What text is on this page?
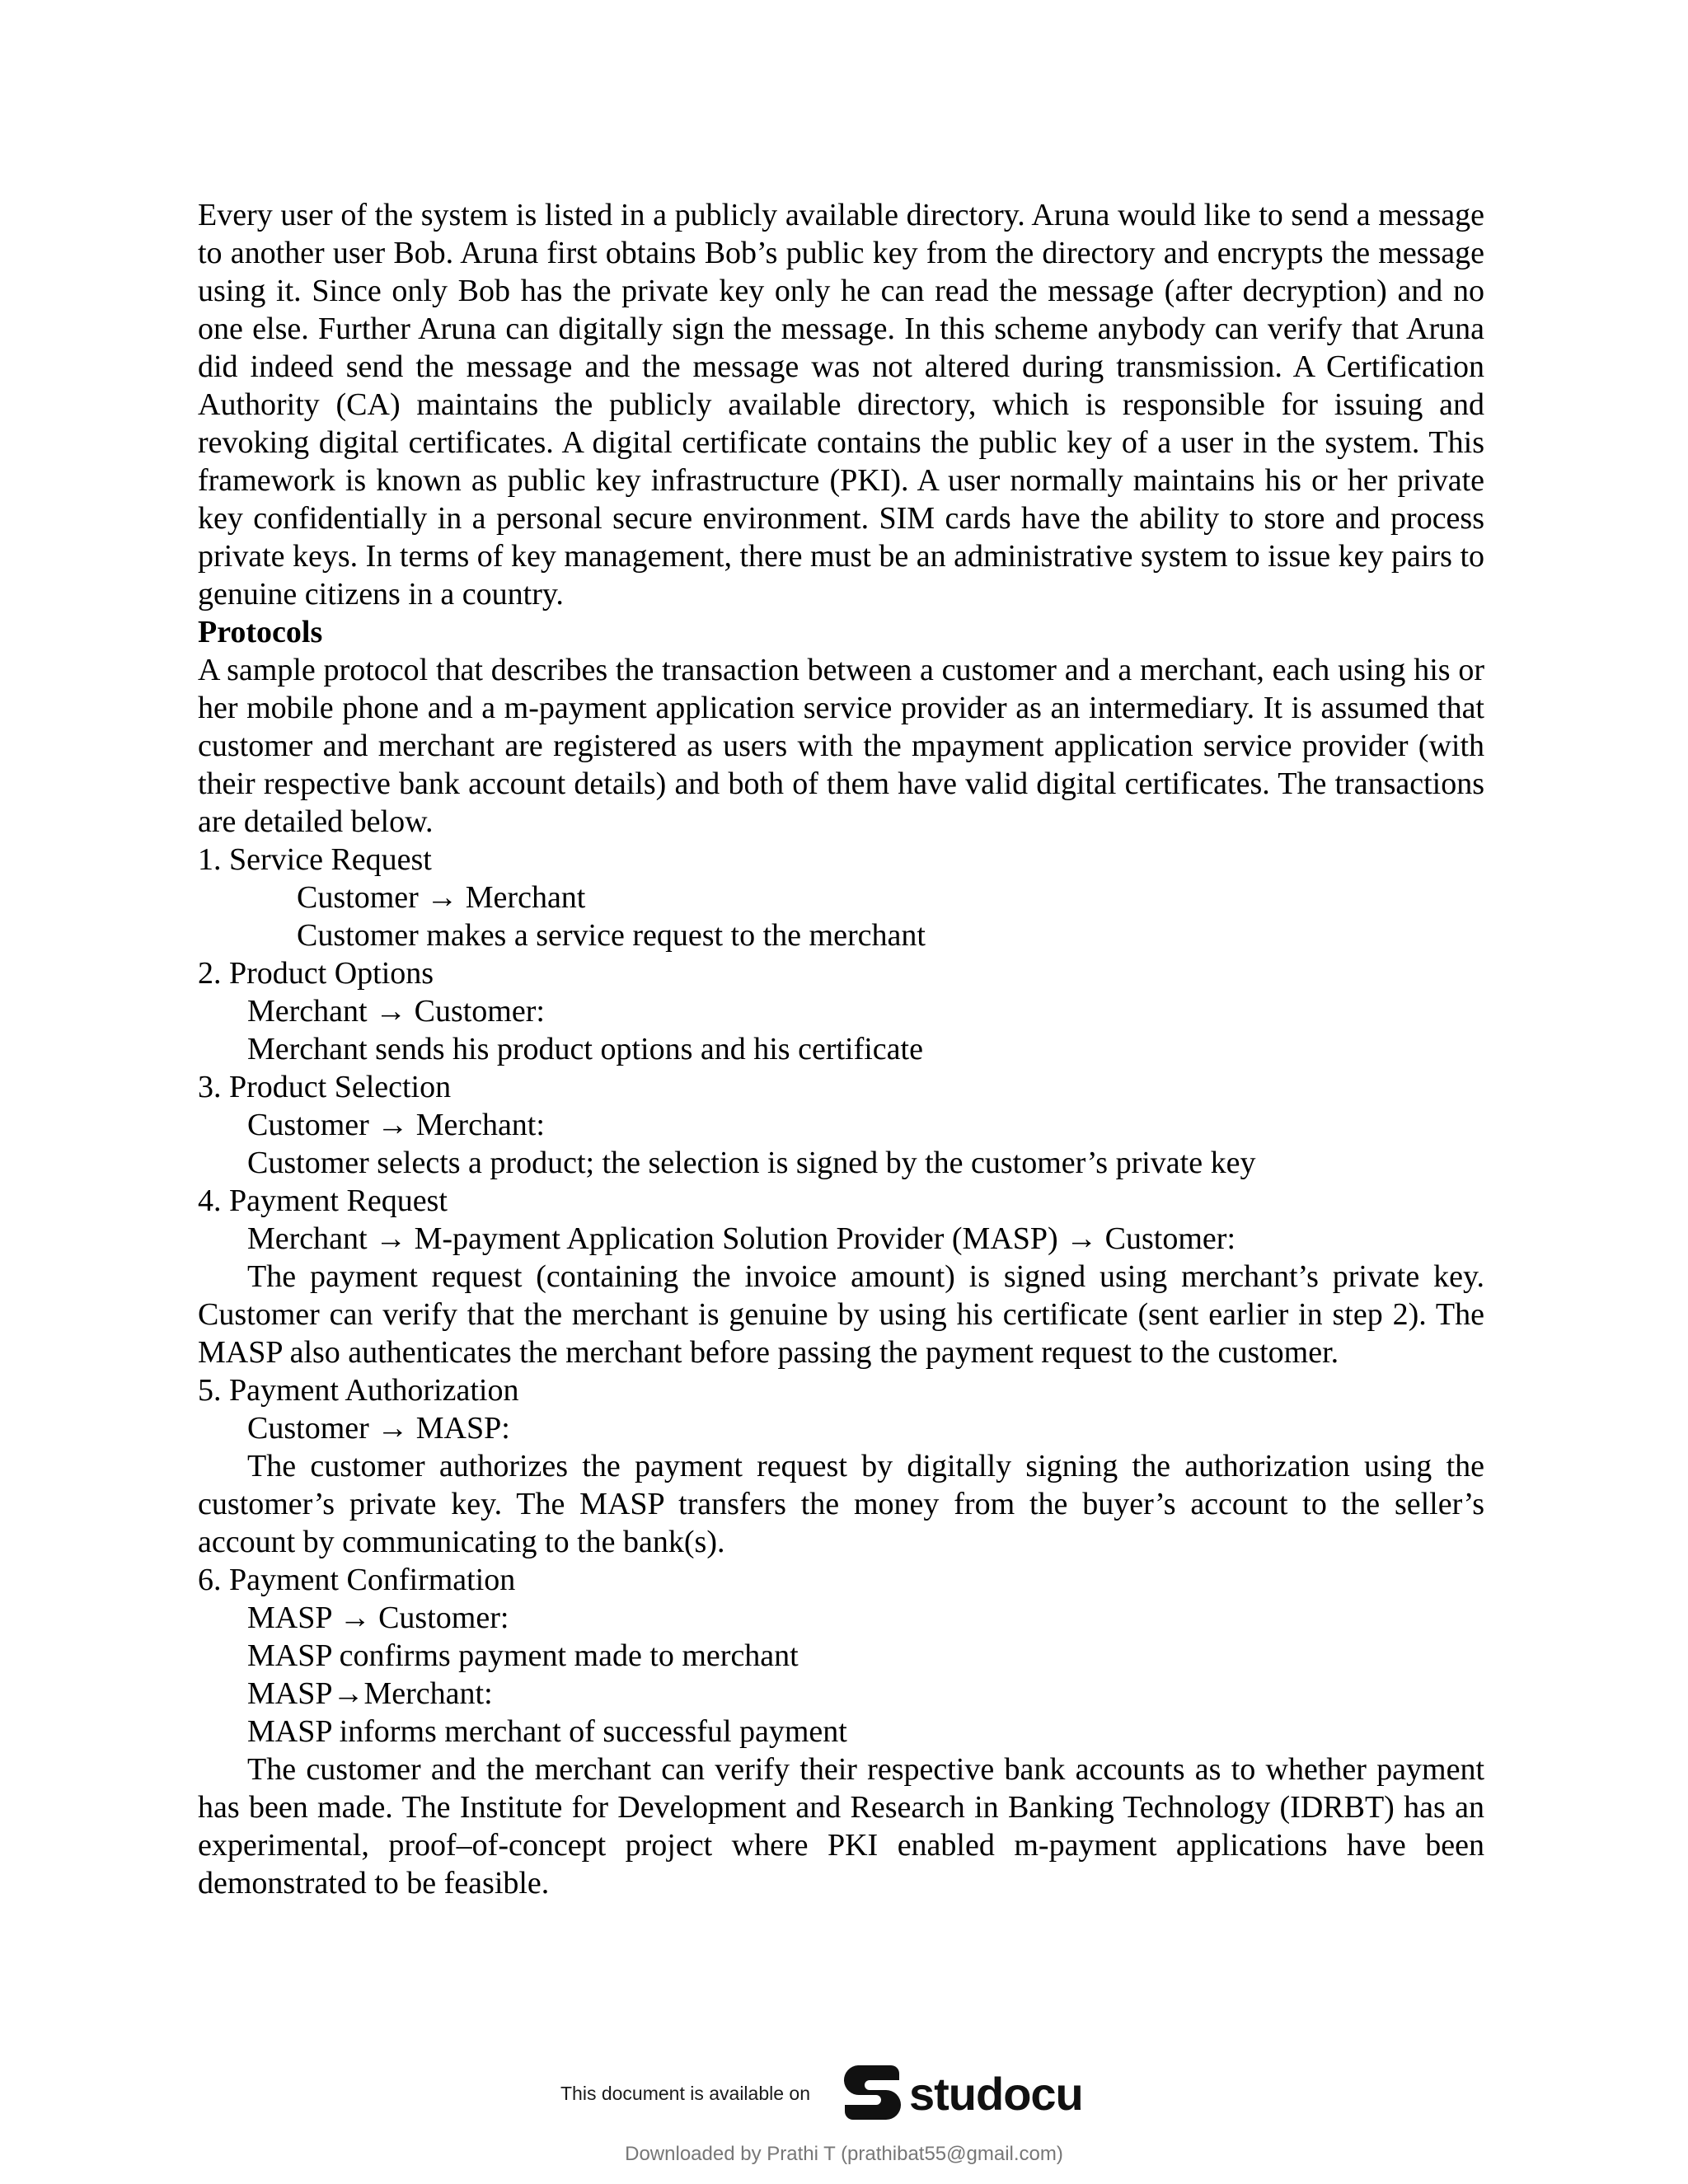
Every user of the system is listed in a publicly available directory. Aruna would like to send a message to another user Bob. Aruna first obtains Bob’s public key from the directory and encrypts the message using it. Since only Bob has the private key only he can read the message (after decryption) and no one else. Further Aruna can digitally sign the message. In this scheme anybody can verify that Aruna did indeed send the message and the message was not altered during transmission. A Certification Authority (CA) maintains the publicly available directory, which is responsible for issuing and revoking digital certificates. A digital certificate contains the public key of a user in the system. This framework is known as public key infrastructure (PKI). A user normally maintains his or her private key confidentially in a personal secure environment. SIM cards have the ability to store and process private keys. In terms of key management, there must be an administrative system to issue key pairs to genuine citizens in a country.

Protocols

A sample protocol that describes the transaction between a customer and a merchant, each using his or her mobile phone and a m-payment application service provider as an intermediary. It is assumed that customer and merchant are registered as users with the mpayment application service provider (with their respective bank account details) and both of them have valid digital certificates. The transactions are detailed below.

1. Service Request

Customer → Merchant

Customer makes a service request to the merchant

2. Product Options

Merchant → Customer:

Merchant sends his product options and his certificate

3. Product Selection

Customer → Merchant:

Customer selects a product; the selection is signed by the customer’s private key

4. Payment Request

Merchant → M-payment Application Solution Provider (MASP) → Customer:

The payment request (containing the invoice amount) is signed using merchant’s private key. Customer can verify that the merchant is genuine by using his certificate (sent earlier in step 2). The MASP also authenticates the merchant before passing the payment request to the customer.

5. Payment Authorization

Customer → MASP:

The customer authorizes the payment request by digitally signing the authorization using the customer’s private key. The MASP transfers the money from the buyer’s account to the seller’s account by communicating to the bank(s).

6. Payment Confirmation

MASP → Customer:

MASP confirms payment made to merchant

MASP→Merchant:

MASP informs merchant of successful payment

The customer and the merchant can verify their respective bank accounts as to whether payment has been made. The Institute for Development and Research in Banking Technology (IDRBT) has an experimental, proof–of-concept project where PKI enabled m-payment applications have been demonstrated to be feasible.

This document is available on studocu
Downloaded by Prathi T (prathibat55@gmail.com)
